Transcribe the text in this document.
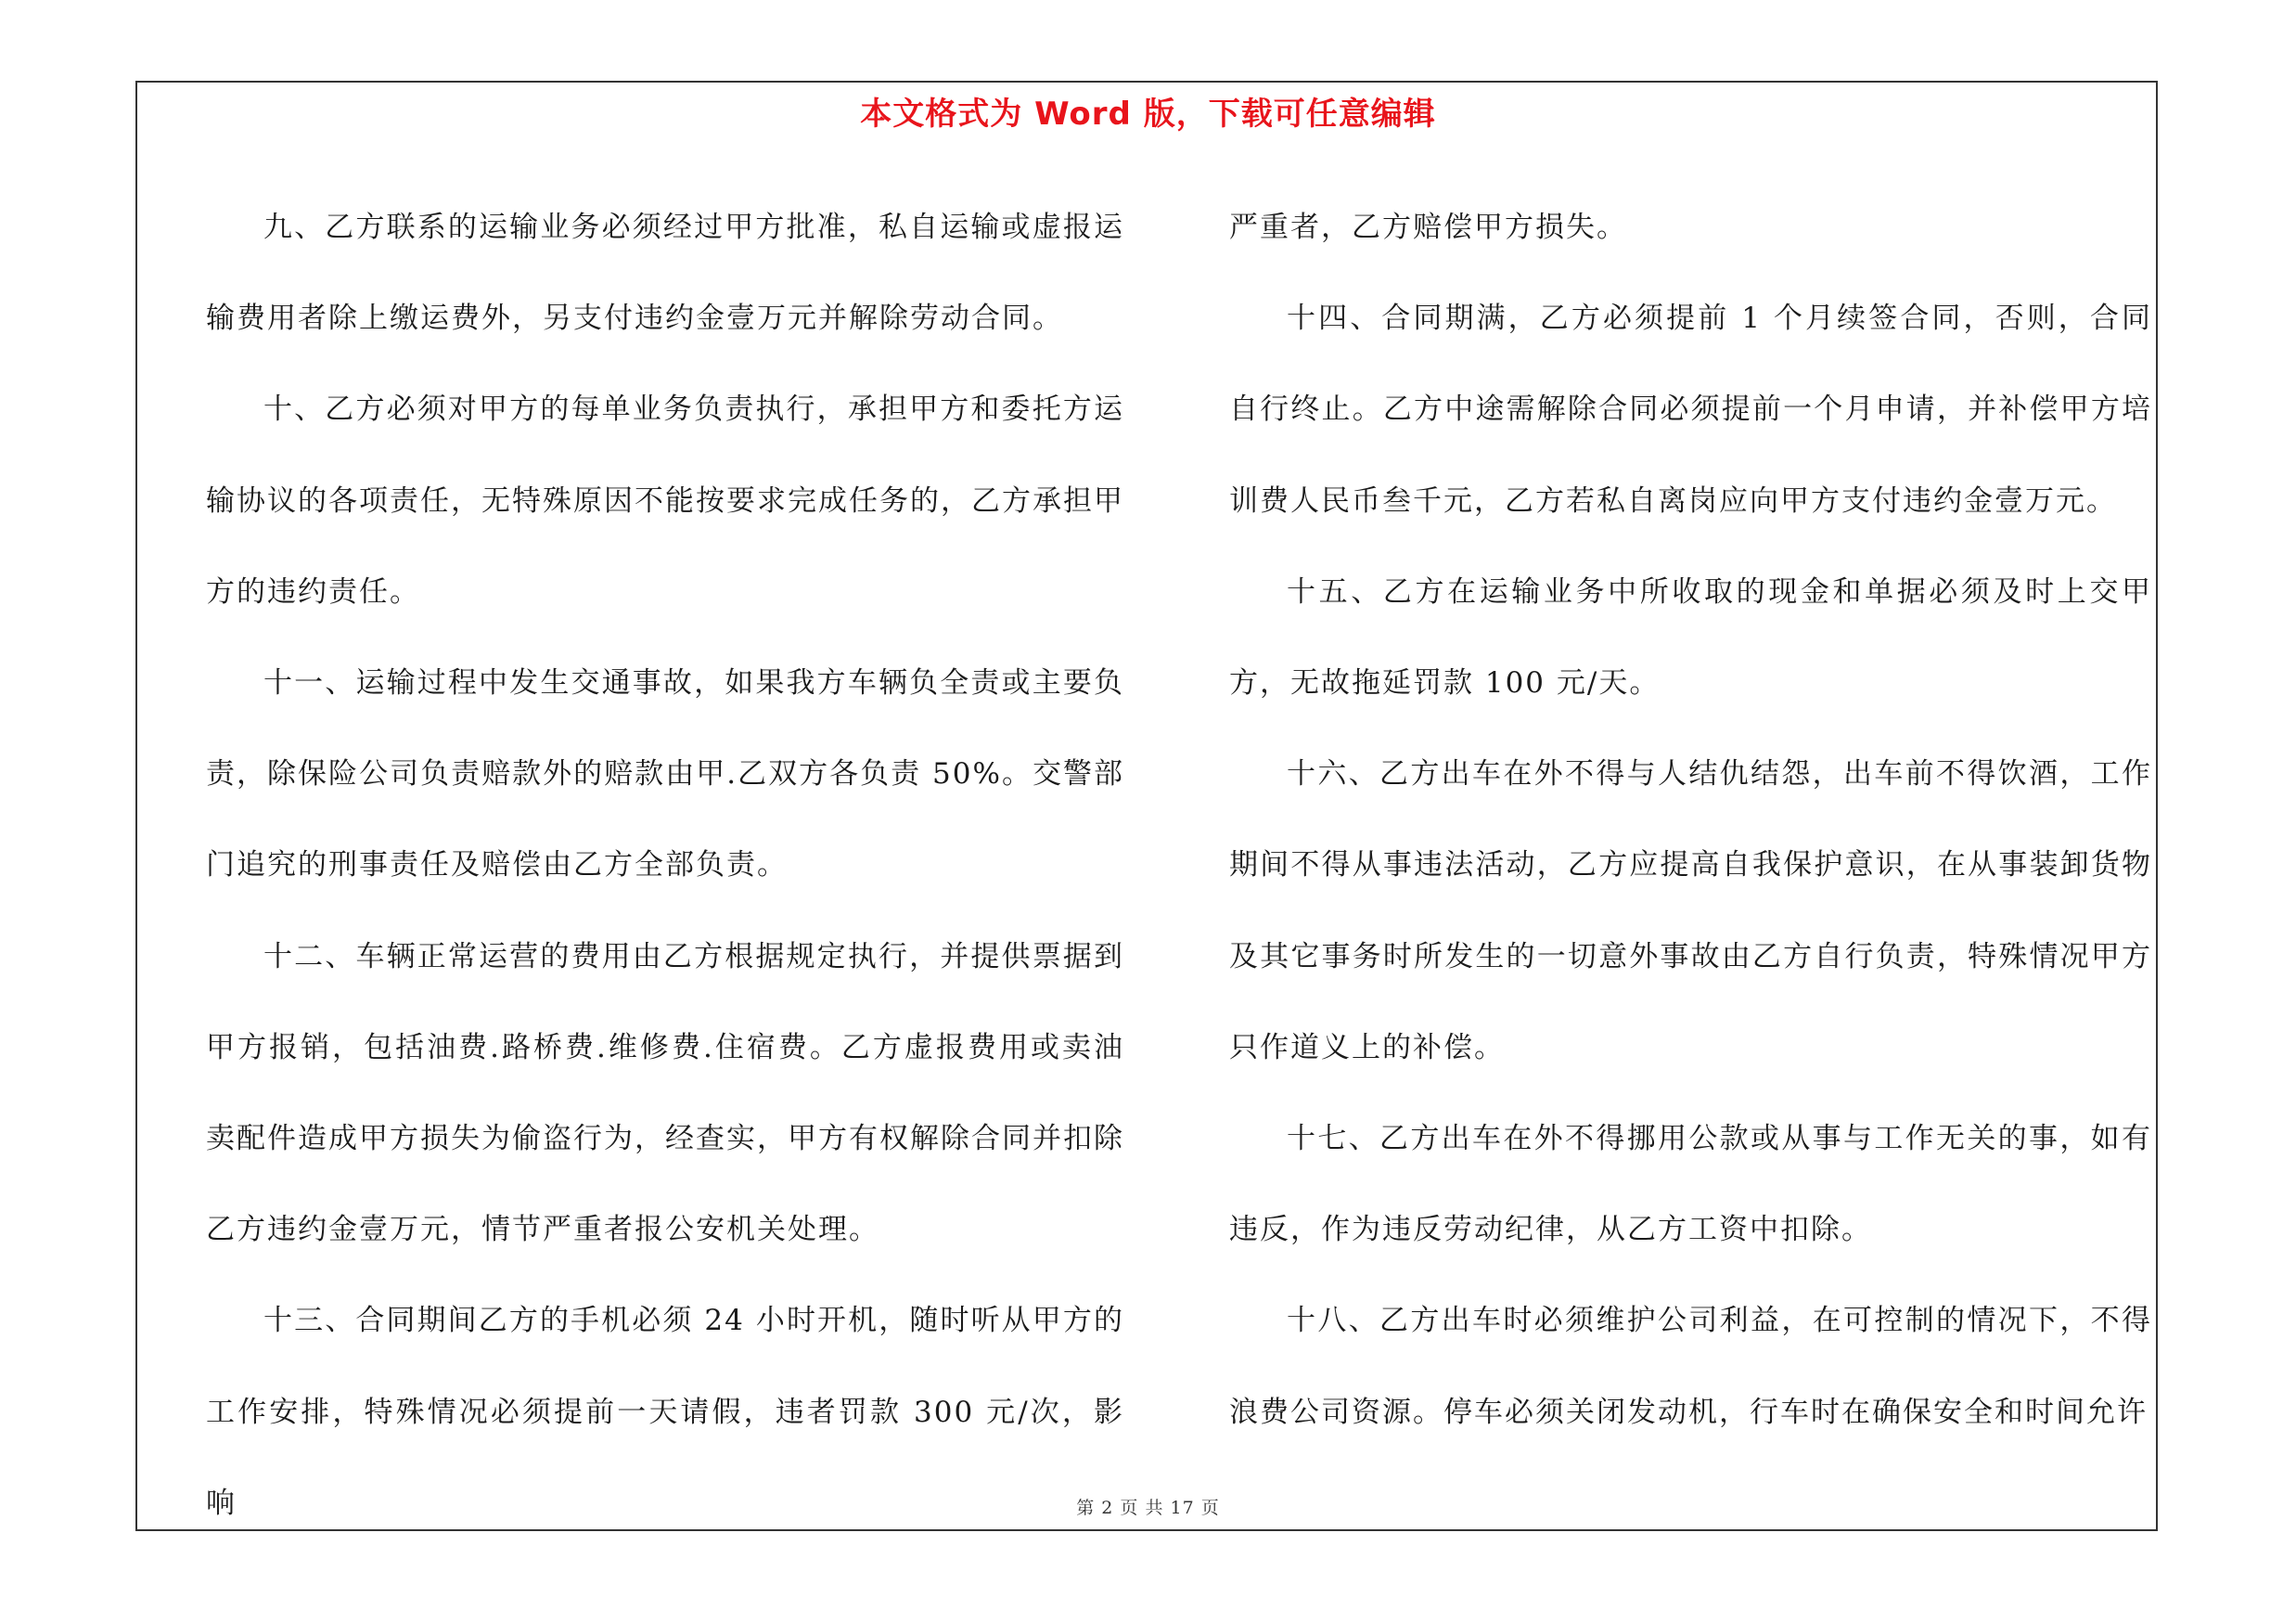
本文格式为 Word 版，下载可任意编辑

九、乙方联系的运输业务必须经过甲方批准，私自运输或虚报运输费用者除上缴运费外，另支付违约金壹万元并解除劳动合同。

十、乙方必须对甲方的每单业务负责执行，承担甲方和委托方运输协议的各项责任，无特殊原因不能按要求完成任务的，乙方承担甲方的违约责任。

十一、运输过程中发生交通事故，如果我方车辆负全责或主要负责，除保险公司负责赔款外的赔款由甲.乙双方各负责 50%。交警部门追究的刑事责任及赔偿由乙方全部负责。

十二、车辆正常运营的费用由乙方根据规定执行，并提供票据到甲方报销，包括油费.路桥费.维修费.住宿费。乙方虚报费用或卖油卖配件造成甲方损失为偷盗行为，经查实，甲方有权解除合同并扣除乙方违约金壹万元，情节严重者报公安机关处理。

十三、合同期间乙方的手机必须 24 小时开机，随时听从甲方的工作安排，特殊情况必须提前一天请假，违者罚款 300 元/次，影响

严重者，乙方赔偿甲方损失。

十四、合同期满，乙方必须提前 1 个月续签合同，否则，合同自行终止。乙方中途需解除合同必须提前一个月申请，并补偿甲方培训费人民币叁千元，乙方若私自离岗应向甲方支付违约金壹万元。

十五、乙方在运输业务中所收取的现金和单据必须及时上交甲方，无故拖延罚款 100 元/天。

十六、乙方出车在外不得与人结仇结怨，出车前不得饮酒，工作期间不得从事违法活动，乙方应提高自我保护意识，在从事装卸货物及其它事务时所发生的一切意外事故由乙方自行负责，特殊情况甲方只作道义上的补偿。

十七、乙方出车在外不得挪用公款或从事与工作无关的事，如有违反，作为违反劳动纪律，从乙方工资中扣除。

十八、乙方出车时必须维护公司利益，在可控制的情况下，不得浪费公司资源。停车必须关闭发动机，行车时在确保安全和时间允许

第 2 页 共 17 页
